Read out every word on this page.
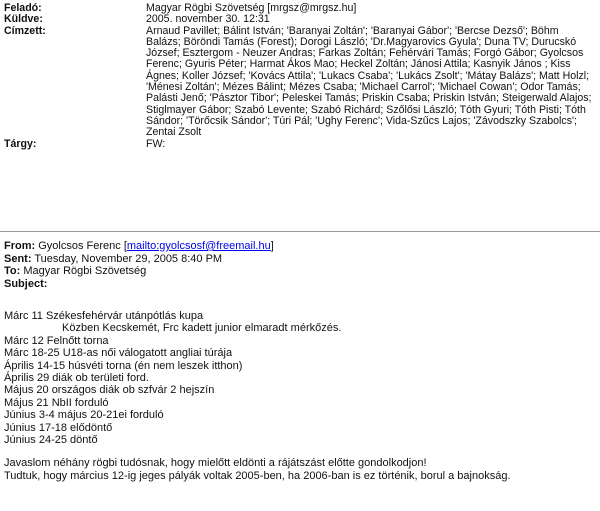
Feladó:	Magyar Rögbi Szövetség [mrgsz@mrgsz.hu]
Küldve:	2005. november 30. 12:31
Címzett:	Arnaud Pavillet; Bálint István; 'Baranyai Zoltán'; 'Baranyai Gábor'; 'Bercse Dezső'; Böhm Balázs; Böröndi Tamás (Forest); Dorogi László; 'Dr.Magyarovics Gyula'; Duna TV; Durucskó József; Esztergom - Neuzer Andras; Farkas Zoltán; Fehérvári Tamás; Forgó Gábor; Gyolcsos Ferenc; Gyuris Péter; Harmat Ákos Mao; Heckel Zoltán; Jánosi Attila; Kasnyik János ; Kiss Ágnes; Koller József; 'Kovács Attila'; 'Lukacs Csaba'; 'Lukács Zsolt'; 'Mátay Balázs'; Matt Holzl; 'Ménesi Zoltán'; Mézes Bálint; Mézes Csaba; 'Michael Carrol'; 'Michael Cowan'; Odor Tamás; Palásti Jenő; 'Pásztor Tibor'; Peleskei Tamás; Priskin Csaba; Priskin István; Steigerwald Alajos; Stiglmayer Gábor; Szabó Levente; Szabó Richárd; Szőlősi László; Tóth Gyuri; Tóth Pisti; Tóth Sándor; 'Törőcsik Sándor'; Túri Pál; 'Ughy Ferenc'; Vida-Szűcs Lajos; 'Závodszky Szabolcs'; Zentai Zsolt
Tárgy:	FW:
From: Gyolcsos Ferenc [mailto:gyolcsosf@freemail.hu]
Sent: Tuesday, November 29, 2005 8:40 PM
To: Magyar Rögbi Szövetség
Subject:
Márc 11 Székesfehérvár utánpótlás kupa
Közben Kecskemét, Frc kadett junior elmaradt mérkőzés.
Márc 12 Felnőtt torna
Márc 18-25 U18-as női válogatott angliai túrája
Április 14-15 húsvéti torna (én nem leszek itthon)
Április 29 diák ob területi ford.
Május 20 országos diák ob szfvár 2 hejszín
Május 21 NbII forduló
Június 3-4 május 20-21ei forduló
Június 17-18 elődöntő
Június 24-25 döntő
Javaslom néhány rögbi tudósnak, hogy mielőtt eldönti a rájátszást előtte gondolkodjon!
Tudtuk, hogy március 12-ig jeges pályák voltak 2005-ben, ha 2006-ban is ez történik, borul a bajnokság.
